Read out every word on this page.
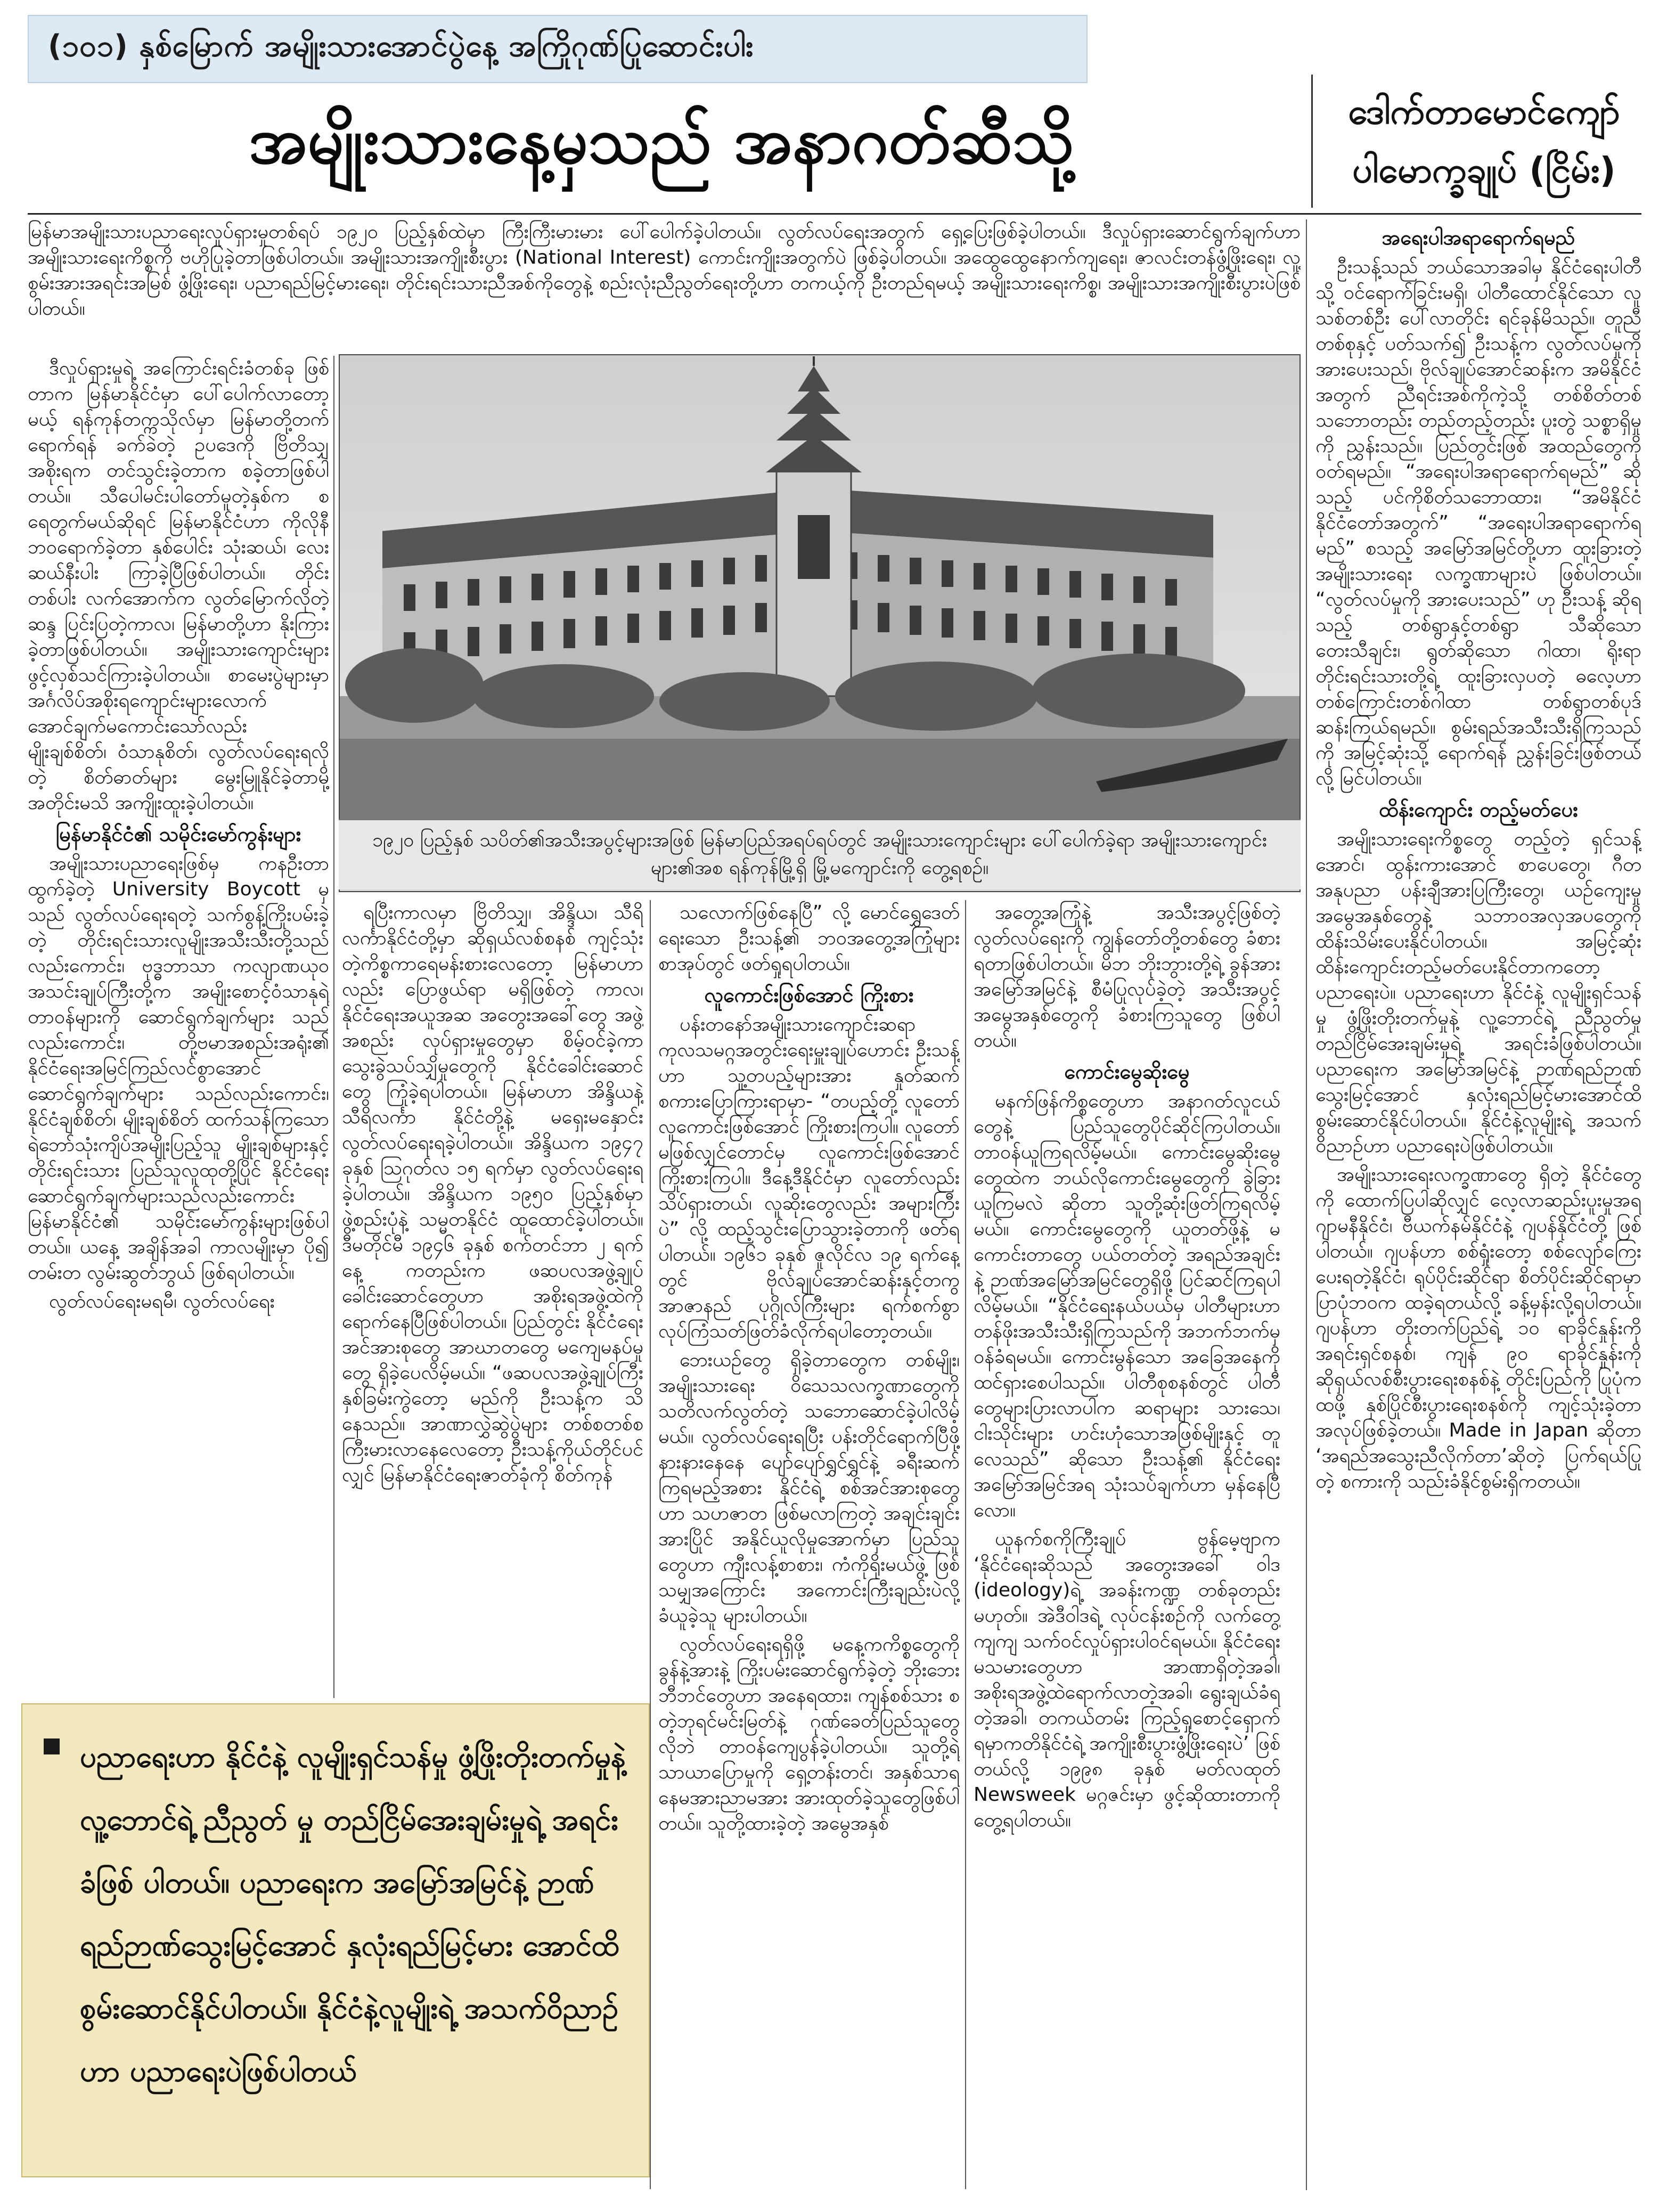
(၁၀၁) နှစ်မြောက် အမျိုးသားအောင်ပွဲနေ့ အကြိုဂုဏ်ပြုဆောင်းပါး
အမျိုးသားနေ့မှသည် အနာဂတ်ဆီသို့	ဒေါက်တာမောင်ကျော်
ပါမောက္ခချုပ် (ငြိမ်း)
မြန်မာအမျိုးသားပညာရေးလှုပ်ရှားမှုတစ်ရပ် ၁၉၂၀ ပြည့်နှစ်ထဲမှာ ကြီးကြီးမားမား ပေါ်ပေါက်ခဲ့ပါတယ်။ လွတ်လပ်ရေးအတွက် ရှေ့ပြေးဖြစ်ခဲ့ပါတယ်။ ဒီလှုပ်ရှားဆောင်ရွက်ချက်ဟာ အမျိုးသားရေးကိစ္စကို ဗဟိုပြုခဲ့တာဖြစ်ပါတယ်။ အမျိုးသားအကျိုးစီးပွား (National Interest) ကောင်းကျိုးအတွက်ပဲ ဖြစ်ခဲ့ပါတယ်။ အထွေထွေနောက်ကျရေး၊ ဇာလင်းတန်ဖွံ့ဖြိုးရေး၊ လူ့စွမ်းအားအရင်းအမြစ် ဖွံ့ဖြိုးရေး၊ ပညာရည်မြင့်မားရေး၊ တိုင်းရင်းသားညီအစ်ကိုတွေနဲ့ စည်းလုံးညီညွတ်ရေးတို့ဟာ တကယ့်ကို ဦးတည်ရမယ့် အမျိုးသားရေးကိစ္စ၊ အမျိုးသားအကျိုးစီးပွားပဲဖြစ်ပါတယ်။
၁၉၂၀ ပြည့်နှစ် သပိတ်၏အသီးအပွင့်များအဖြစ် မြန်မာပြည်အရပ်ရပ်တွင် အမျိုးသားကျောင်းများ ပေါ်ပေါက်ခဲ့ရာ အမျိုးသားကျောင်းများ၏အစ ရန်ကုန်မြို့ရှိ မြို့မကျောင်းကို တွေ့ရစဉ်။

ဒီလှုပ်ရှားမှုရဲ့ အကြောင်းရင်းခံတစ်ခု ဖြစ်တာက မြန်မာနိုင်ငံမှာ ပေါ်ပေါက်လာတော့မယ့် ရန်ကုန်တက္ကသိုလ်မှာ မြန်မာတို့တက်ရောက်ရန် ခက်ခဲတဲ့ ဥပဒေကို ဗြိတိသျှအစိုးရက တင်သွင်းခဲ့တာက စခဲ့တာဖြစ်ပါတယ်။ သီပေါမင်းပါတော်မူတဲ့နှစ်က စရေတွက်မယ်ဆိုရင် မြန်မာနိုင်ငံဟာ ကိုလိုနီဘဝရောက်ခဲ့တာ နှစ်ပေါင်း သုံးဆယ်၊ လေးဆယ်နီးပါး ကြာခဲ့ပြီဖြစ်ပါတယ်။ တိုင်းတစ်ပါး လက်အောက်က လွတ်မြောက်လိုတဲ့ဆန္ဒ ပြင်းပြတဲ့ကာလ၊ မြန်မာတို့ဟာ နိုးကြားခဲ့တာဖြစ်ပါတယ်။ အမျိုးသားကျောင်းများ ဖွင့်လှစ်သင်ကြားခဲ့ပါတယ်။ စာမေးပွဲများမှာ အင်္ဂလိပ်အစိုးရကျောင်းများလောက် အောင်ချက်မကောင်းသော်လည်း မျိုးချစ်စိတ်၊ ဝံသာနုစိတ်၊ လွတ်လပ်ရေးရလိုတဲ့ စိတ်ဓာတ်များ မွေးမြူနိုင်ခဲ့တာမို့ အတိုင်းမသိ အကျိုးထူးခဲ့ပါတယ်။

မြန်မာနိုင်ငံ၏ သမိုင်းမော်ကွန်းများ

အမျိုးသားပညာရေးဖြစ်မှ ကနဦးတာထွက်ခဲ့တဲ့ University Boycott မှသည် လွတ်လပ်ရေးရတဲ့ သက်စွန့်ကြိုးပမ်းခဲ့တဲ့ တိုင်းရင်းသားလူမျိုးအသီးသီးတို့သည်လည်းကောင်း၊ ဗုဒ္ဓဘာသာ ကလျာဏယုဝအသင်းချုပ်ကြီးတို့က အမျိုးစောင့်ဝံသာနုရဲ့တာဝန်များကို ဆောင်ရွက်ချက်များ သည်လည်းကောင်း၊ တို့ဗမာအစည်းအရုံး၏ နိုင်ငံရေးအမြင်ကြည်လင်စွာအောင် ဆောင်ရွက်ချက်များ သည်လည်းကောင်း၊ နိုင်ငံချစ်စိတ်၊ မျိုးချစ်စိတ် ထက်သန်ကြသော ရဲဘော်သုံးကျိပ်အမျိုးပြည့်သူ မျိုးချစ်များနှင့် တိုင်းရင်းသား ပြည်သူလူထုတို့ပြိုင် နိုင်ငံရေး ဆောင်ရွက်ချက်များသည်လည်းကောင်း မြန်မာနိုင်ငံ၏ သမိုင်းမော်ကွန်းများဖြစ်ပါတယ်။ ယနေ့ အချိန်အခါ ကာလမျိုးမှာ ပို၍ တမ်းတ လွမ်းဆွတ်ဘွယ် ဖြစ်ရပါတယ်။

လွတ်လပ်ရေးမရမီ၊ လွတ်လပ်ရေး

ရပြီးကာလမှာ ဗြိတိသျှ၊ အိန္ဒိယ၊ သီရိလင်္ကာနိုင်ငံတို့မှာ ဆိုရှယ်လစ်စနစ် ကျင့်သုံးတဲ့ကိစ္စကာရေမန်းစားလေတော့ မြန်မာဟာလည်း ပြောဖွယ်ရာ မရှိဖြစ်တဲ့ ကာလ၊ နိုင်ငံရေးအယူအဆ အတွေးအခေါ်တွေ အဖွဲ့အစည်း လုပ်ရှားမှုတွေမှာ စိမ့်ဝင်ခဲ့ကာ သွေးခွဲသပ်သျှိမှုတွေကို နိုင်ငံခေါင်းဆောင်တွေ ကြုံခဲ့ရပါတယ်။ မြန်မာဟာ အိန္ဒိယနဲ့ သီရိလင်္ကာ နိုင်ငံတို့နဲ့ မရှေးမနှောင်း လွတ်လပ်ရေးရခဲ့ပါတယ်။ အိန္ဒိယက ၁၉၄၇ ခုနှစ် ဩဂုတ်လ ၁၅ ရက်မှာ လွတ်လပ်ရေးရခဲ့ပါတယ်။ အိန္ဒိယက ၁၉၅၀ ပြည့်နှစ်မှာ ဖွဲ့စည်းပုံနဲ့ သမ္မတနိုင်ငံ ထူထောင်ခဲ့ပါတယ်။ ဒီမတိုင်မီ ၁၉၄၆ ခုနှစ် စက်တင်ဘာ ၂ ရက်နေ့ ကတည်းက ဖဆပလအဖွဲ့ချုပ်ခေါင်းဆောင်တွေဟာ အစိုးရအဖွဲ့ထဲကို ရောက်နေပြီဖြစ်ပါတယ်။ ပြည်တွင်း နိုင်ငံရေးအင်အားစုတွေ အာဃာတတွေ မကျေမနပ်မှုတွေ ရှိခဲ့ပေလိမ့်မယ်။ “ဖဆပလအဖွဲ့ချုပ်ကြီး နှစ်ခြမ်းကွဲတော့ မည်ကို ဦးသန့်က သိနေသည်။ အာဏာလွှဲဆွဲပွဲများ တစ်စတစ်စ ကြီးမားလာနေလေတော့ ဦးသန့်ကိုယ်တိုင်ပင်လျှင် မြန်မာနိုင်ငံရေးဇာတ်ခုံကို စိတ်ကုန်

သလောက်ဖြစ်နေပြီ” လို့ မောင်ရွှေဒေတ် ရေးသော ဦးသန့်၏ ဘဝအတွေ့အကြုံများ စာအုပ်တွင် ဖတ်ရှုရပါတယ်။

လူကောင်းဖြစ်အောင် ကြိုးစား

ပန်းတနော်အမျိုးသားကျောင်းဆရာ ကုလသမဂ္ဂအတွင်းရေးမှူးချုပ်ဟောင်း ဦးသန့်ဟာ သူ့တပည့်များအား နှုတ်ဆက်စကားပြောကြားရာမှာ- “တပည့်တို့ လူတော်လူကောင်းဖြစ်အောင် ကြိုးစားကြပါ။ လူတော်မဖြစ်လျှင်တောင်မှ လူကောင်းဖြစ်အောင် ကြိုးစားကြပါ။ ဒီနေ့ဒီနိုင်ငံမှာ လူတော်လည်း သိပ်ရှားတယ်၊ လူဆိုးတွေလည်း အများကြီးပဲ” လို့ ထည့်သွင်းပြောသွားခဲ့တာကို ဖတ်ရပါတယ်။ ၁၉၆၁ ခုနှစ် ဇူလိုင်လ ၁၉ ရက်နေ့တွင် ဗိုလ်ချုပ်အောင်ဆန်းနှင့်တကွ အာဇာနည် ပုဂ္ဂိုလ်ကြီးများ ရက်စက်စွာ လုပ်ကြံသတ်ဖြတ်ခံလိုက်ရပါတော့တယ်။

ဘေးယဉ်တွေ ရှိခဲ့တာတွေက တစ်မျိုး၊ အမျိုးသားရေး ဝိသေသလက္ခဏာတွေကို သတိလက်လွတ်တဲ့ သဘောဆောင်ခဲ့ပါလိမ့်မယ်။ လွတ်လပ်ရေးရပြီး ပန်းတိုင်ရောက်ပြီဖို့ နားနားနေနေ ပျော်ပျော်ရွှင်ရွှင်နဲ့ ခရီးဆက်ကြရမည့်အစား နိုင်ငံရဲ့ စစ်အင်အားစုတွေဟာ သဟဇာတ ဖြစ်မလာကြတဲ့ အချင်းချင်း အားပြိုင် အနိုင်ယူလိုမှုအောက်မှာ ပြည်သူတွေဟာ ကျီးလန့်စာစား၊ ကံကိုရိုးမယ်ဖွဲ့ ဖြစ်သမျှအကြောင်း အကောင်းကြီးချည်းပဲလို့ ခံယူခဲ့သူ များပါတယ်။

လွတ်လပ်ရေးရရှိဖို့ မနေ့ကကိစ္စတွေကို ခွန်နဲ့အားနဲ့ ကြိုးပမ်းဆောင်ရွက်ခဲ့တဲ့ ဘိုးဘေးဘီဘင်တွေဟာ အနေရထား၊ ကျန်စစ်သား စတဲ့ဘုရင်မင်းမြတ်နဲ့ ဂုဏ်ခေတ်ပြည်သူတွေလိုဘဲ တာဝန်ကျေပွန်ခဲ့ပါတယ်။ သူတို့ရဲ့ သာယာပြောမှုကို ရှေ့တန်းတင်၊ အနှစ်သာရနေမအားညာမအား အားထုတ်ခဲ့သူတွေဖြစ်ပါတယ်။ သူတို့ထားခဲ့တဲ့ အမွေအနှစ်

အတွေ့အကြုံနဲ့ အသီးအပွင့်ဖြစ်တဲ့ လွတ်လပ်ရေးကို ကျွန်တော်တို့တစ်တွေ ခံစားရတာဖြစ်ပါတယ်။ မိဘ ဘိုးဘွားတို့ရဲ့ ခွန်အား အမြော်အမြင်နဲ့ စီမံပြုလုပ်ခဲ့တဲ့ အသီးအပွင့် အမွေအနှစ်တွေကို ခံစားကြသူတွေ ဖြစ်ပါတယ်။

ကောင်းမွေဆိုးမွေ

မနက်ဖြန်ကိစ္စတွေဟာ အနာဂတ်လူငယ်တွေနဲ့ ပြည်သူတွေပိုင်ဆိုင်ကြပါတယ်။ တာဝန်ယူကြရလိမ့်မယ်။ ကောင်းမွေဆိုးမွေတွေထဲက ဘယ်လိုကောင်းမွေတွေကို ခွဲခြားယူကြမလဲ ဆိုတာ သူတို့ဆုံးဖြတ်ကြရလိမ့်မယ်။ ကောင်းမွေတွေကို ယူတတ်ဖို့နဲ့ မကောင်းတာတွေ ပယ်တတ်တဲ့ အရည်အချင်းနဲ့ ဉာဏ်အမြော်အမြင်တွေရှိဖို့ ပြင်ဆင်ကြရပါလိမ့်မယ်။ “နိုင်ငံရေးနယ်ပယ်မှ ပါတီများဟာ တန်ဖိုးအသီးသီးရှိကြသည်ကို အဘက်ဘက်မှ ဝန်ခံရမယ်။ ကောင်းမွန်သော အခြေအနေကို ထင်ရှားစေပါသည်။ ပါတီစုစနစ်တွင် ပါတီတွေများပြားလာပါက ဆရာများ သားသေ၊ ငါးသိုင်းများ ဟင်းဟုံသောအဖြစ်မျိုးနှင့် တူလေသည်” ဆိုသော ဦးသန့်၏ နိုင်ငံရေး အမြော်အမြင်အရ သုံးသပ်ချက်ဟာ မှန်နေပြီလော။

ယူနက်စကိုကြီးချုပ် ဗွန်မေ့ဗျာက ‘နိုင်ငံရေးဆိုသည် အတွေးအခေါ် ဝါဒ (ideology)ရဲ့ အခန်းကဏ္ဍ တစ်ခုတည်းမဟုတ်။ အဲဒီဝါဒရဲ့ လုပ်ငန်းစဉ်ကို လက်တွေ့ကျကျ သက်ဝင်လှုပ်ရှားပါဝင်ရမယ်။ နိုင်ငံရေးမသမားတွေဟာ အာဏာရှိတဲ့အခါ၊ အစိုးရအဖွဲ့ထဲရောက်လာတဲ့အခါ၊ ရွေးချယ်ခံရတဲ့အခါ၊ တကယ်တမ်း ကြည့်ရှုစောင့်ရှောက်ရမှာကတိနိုင်ငံရဲ့ အကျိုးစီးပွားဖွံ့ဖြိုးရေးပဲ’ ဖြစ်တယ်လို့ ၁၉၉၈ ခုနှစ် မတ်လထုတ် Newsweek မဂ္ဂဇင်းမှာ ဖွင့်ဆိုထားတာကို တွေ့ရပါတယ်။

အရေးပါအရာရောက်ရမည်

ဦးသန့်သည် ဘယ်သောအခါမှ နိုင်ငံရေးပါတီသို့ ဝင်ရောက်ခြင်းမရှိ၊ ပါတီထောင်နိုင်သော လူသစ်တစ်ဦး ပေါ်လာတိုင်း ရင်ခုန်မိသည်။ တူညီတစ်စုနှင့် ပတ်သက်၍ ဦးသန့်က လွတ်လပ်မှုကို အားပေးသည်၊ ဗိုလ်ချုပ်အောင်ဆန်းက အမိနိုင်ငံအတွက် ညီရင်းအစ်ကိုကဲ့သို့ တစ်စိတ်တစ်သဘောတည်း တည်တည့်တည်း ပူးတွဲ သစ္စာရှိမှုကို ညွှန်းသည်။ ပြည်တွင်းဖြစ် အထည်တွေကို ဝတ်ရမည်။ “အရေးပါအရာရောက်ရမည်” ဆိုသည့် ပင်ကိုစိတ်သဘောထား၊ “အမိနိုင်ငံ နိုင်ငံတော်အတွက်” “အရေးပါအရာရောက်ရမည်” စသည့် အမြော်အမြင်တို့ဟာ ထူးခြားတဲ့ အမျိုးသားရေး လက္ခဏာများပဲ ဖြစ်ပါတယ်။ “လွတ်လပ်မှုကို အားပေးသည်” ဟု ဦးသန့် ဆိုရသည့် တစ်ရွာနှင့်တစ်ရွာ သီဆိုသော တေးသီချင်း၊ ရွတ်ဆိုသော ဂါထာ၊ ရိုးရာ တိုင်းရင်းသားတို့ရဲ့ ထူးခြားလှပတဲ့ ဓလေ့ဟာ တစ်ကြောင်းတစ်ဂါထာ တစ်ရွာတစ်ပုဒ် ဆန်းကြယ်ရမည်။ စွမ်းရည်အသီးသီးရှိကြသည်ကို အမြင့်ဆုံးသို့ ရောက်ရန် ညွှန်းခြင်းဖြစ်တယ်လို့ မြင်ပါတယ်။

ထိန်းကျောင်း တည့်မတ်ပေး

အမျိုးသားရေးကိစ္စတွေ တည့်တဲ့ ရှင်သန့်အောင်၊ ထွန်းကားအောင် စာပေတွေ၊ ဂီတအနုပညာ ပန်းချီအားပြကြီးတွေ၊ ယဉ်ကျေးမှုအမွေအနှစ်တွေနဲ့ သဘာဝအလှအပတွေကို ထိန်းသိမ်းပေးနိုင်ပါတယ်။ အမြင့်ဆုံးထိန်းကျောင်းတည့်မတ်ပေးနိုင်တာကတော့ ပညာရေးပဲ။ ပညာရေးဟာ နိုင်ငံနဲ့ လူမျိုးရှင်သန်မှု ဖွံ့ဖြိုးတိုးတက်မှုနဲ့ လူ့ဘောင်ရဲ့ ညီညွတ်မှု တည်ငြိမ်အေးချမ်းမှုရဲ့ အရင်းခံဖြစ်ပါတယ်။ ပညာရေးက အမြော်အမြင်နဲ့ ဉာဏ်ရည်ဉာဏ်သွေးမြင့်အောင် နှလုံးရည်မြင့်မားအောင်ထိ စွမ်းဆောင်နိုင်ပါတယ်။ နိုင်ငံနဲ့လူမျိုးရဲ့ အသက်ဝိညာဉ်ဟာ ပညာရေးပဲဖြစ်ပါတယ်။

အမျိုးသားရေးလက္ခဏာတွေ ရှိတဲ့ နိုင်ငံတွေကို ထောက်ပြပါဆိုလျှင် လေ့လာဆည်းပူးမှုအရ ဂျာမနီနိုင်ငံ၊ ဗီယက်နမ်နိုင်ငံနဲ့ ဂျပန်နိုင်ငံတို့ ဖြစ်ပါတယ်။ ဂျပန်ဟာ စစ်ရှုံးတော့ စစ်လျော်ကြေးပေးရတဲ့နိုင်ငံ၊ ရုပ်ပိုင်းဆိုင်ရာ စိတ်ပိုင်းဆိုင်ရာမှာ ပြာပုံဘဝက ထခဲ့ရတယ်လို့ ခန့်မှန်းလို့ရပါတယ်။ ဂျပန်ဟာ တိုးတက်ပြည်ရဲ့ ၁၀ ရာခိုင်နှုန်းကို အရင်းရှင်စနစ်၊ ကျန် ၉၀ ရာခိုင်နှုန်းကို ဆိုရှယ်လစ်စီးပွားရေးစနစ်နဲ့ တိုင်းပြည်ကို ပြုပုံကထဖို့ နှစ်ပြိုင်စီးပွားရေးစနစ်ကို ကျင့်သုံးခဲ့တာ အလုပ်ဖြစ်ခဲ့တယ်။ Made in Japan ဆိုတာ ‘အရည်အသွေးညီလိုက်တာ’ဆိုတဲ့ ပြက်ရယ်ပြုတဲ့ စကားကို သည်းခံနိုင်စွမ်းရှိကတယ်။

ပညာရေးဟာ နိုင်ငံနဲ့ လူမျိုးရှင်သန်မှု ဖွံ့ဖြိုးတိုးတက်မှုနဲ့ လူ့ဘောင်ရဲ့ ညီညွတ် မှု တည်ငြိမ်အေးချမ်းမှုရဲ့ အရင်းခံဖြစ် ပါတယ်။ ပညာရေးက အမြော်အမြင်နဲ့ ဉာဏ်ရည်ဉာဏ်သွေးမြင့်အောင် နှလုံးရည်မြင့်မား အောင်ထိ စွမ်းဆောင်နိုင်ပါတယ်။ နိုင်ငံနဲ့လူမျိုးရဲ့ အသက်ဝိညာဉ်ဟာ ပညာရေးပဲဖြစ်ပါတယ်
